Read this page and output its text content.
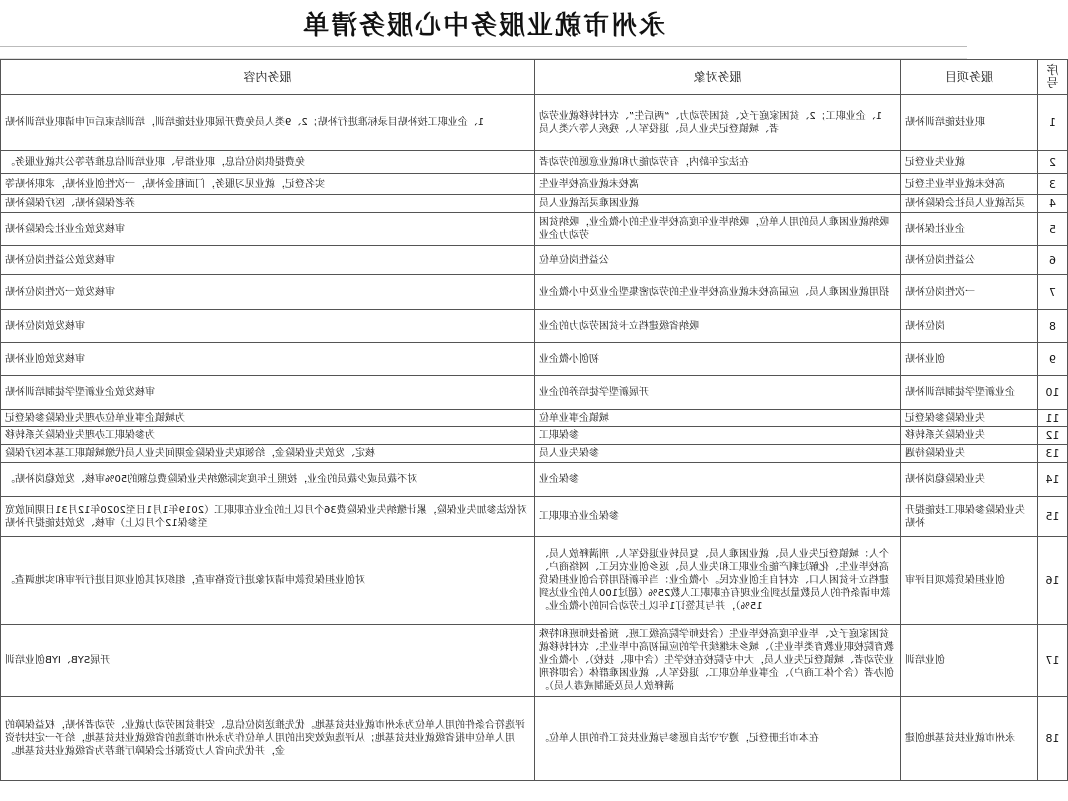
永州市就业服务中心服务清单
服务内容	服务对象	服务项目	序号

1、企业职工按补贴目录标准进行补贴；2、9类人员免费开展职业技能培训，培训结束后可申请职业培训补贴	1、企业职工；2、贫困家庭子女、贫困劳动力、“两后生”、农村转移就业劳动者、城镇登记失业人员、退役军人、残疾人等六类人员	职业技能培训补贴	1

免费提供岗位信息，职业指导、职业培训信息推荐等公共就业服务。	在法定年龄内，有劳动能力和就业意愿的劳动者	就业失业登记	2

实名登记，就业见习服务，门面租金补贴，一次性创业补贴，求职补贴等	离校未就业高校毕业生	高校未就业毕业生登记	3

养老保险补贴、医疗保险补贴	就业困难灵活就业人员	灵活就业人员社会保险补贴	4

审核发放企业社会保险补贴	吸纳就业困难人员的用人单位，吸纳毕业年度高校毕业生的小微企业，吸纳贫困劳动力企业	企业社保补贴	5

审核发放公益性岗位补贴	公益性岗位单位	公益性岗位补贴	6

审核发放一次性岗位补贴	招用就业困难人员、应届高校未就业高校毕业生的劳动密集型企业及中小微企业	一次性岗位补贴	7

审核发放岗位补贴	吸纳省级建档立卡贫困劳动力的企业	岗位补贴	8

审核发放创业补贴	初创小微企业	创业补贴	9

审核发放企业新型学徒制培训补贴	开展新型学徒培养的企业	企业新型学徒制培训补贴	10

为城镇企事业单位办理失业保险参保登记	城镇企事业单位	失业保险参保登记	11

为参保职工办理失业保险关系转移	参保职工	失业保险关系转移	12

核定、发放失业保险金，给领取失业保险金期间失业人员代缴城镇职工基本医疗保险	参保失业人员	失业保险待遇	13

对不裁员或少裁员的企业，按照上年度实际缴纳失业保险费总额的50%审核、发放稳岗补贴。	参保企业	失业保险稳岗补贴	14

对依法参加失业保险，累计缴纳失业保险费36个月以上的企业在职职工（2019年1月1日至2020年12月31日期间放宽至参保12个月以上）审核、发放技能提升补贴	参保企业在职职工	失业保险参保职工技能提升补贴	15

对创业担保贷款申请对象进行资格审查，组织对其创业项目进行评审和实地调查。	个人：城镇登记失业人员、就业困难人员、复员转业退役军人、刑满释放人员、高校毕业生、化解过剩产能企业职工和失业人员、返乡创业农民工、网络商户、建档立卡贫困人口、农村自主创业农民。小微企业：当年新招用符合创业担保贷款申请条件的人员数量达到企业现有在职职工人数25%（超过100人的企业达到15%），并与其签订1年以上劳动合同的小微企业。	创业担保贷款项目评审	16

开展SYB、IYB创业培训	贫困家庭子女、毕业年度高校毕业生（含技师学院高级工班、预备技师班和特殊教育院校职业教育类毕业生）、城乡未继续升学的应届初高中毕业生、农村转移就业劳动者、城镇登记失业人员，大中专院校在校学生（含中职、技校）、小微企业创办者（含个体工商户）、企事业单位职工、退役军人、就业困难群体（含即将刑满释放人员及强制戒毒人员）。	创业培训	17

评选符合条件的用人单位为永州市就业扶贫基地。优先推送岗位信息、安排贫困劳动力就业、劳动者补贴，权益保障的用人单位申报省级就业扶贫基地；从评选成效突出的用人单位作为永州市推选的省级就业扶贫基地，给予一定扶持资金，并优先向省人力资源社会保障厅推荐为省级就业扶贫基地。	在本市注册登记，遵守守法自愿参与就业扶贫工作的用人单位。	永州市就业扶贫基地创建	18
